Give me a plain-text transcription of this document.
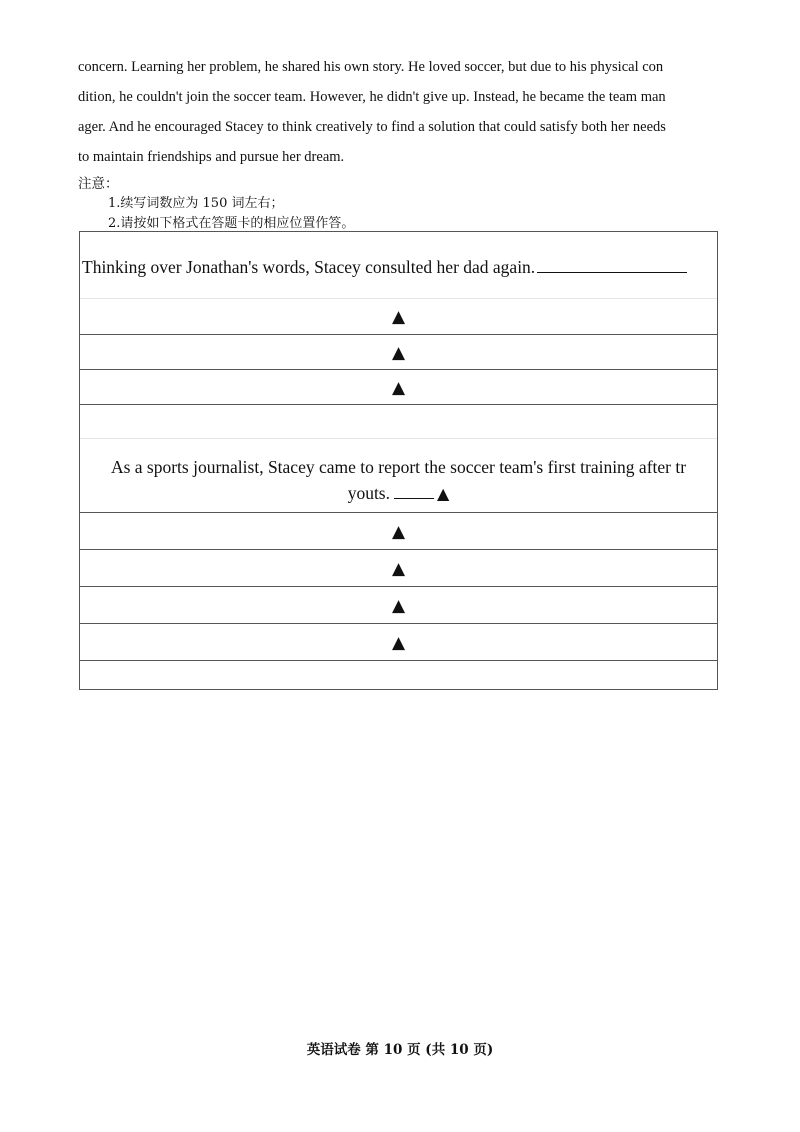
concern. Learning her problem, he shared his own story. He loved soccer, but due to his physical con
dition, he couldn't join the soccer team. However, he didn't give up. Instead, he became the team man
ager. And he encouraged Stacey to think creatively to find a solution that could satisfy both her needs
to maintain friendships and pursue her dream.
注意：
1.续写词数应为 150 词左右；
2.请按如下格式在答题卡的相应位置作答。
Thinking over Jonathan's words, Stacey consulted her dad again.
▲
▲
▲
As a sports journalist, Stacey came to report the soccer team's first training after tr
youts.	▲
▲
▲
▲
▲
英语试卷 第 10 页 (共 10 页)
